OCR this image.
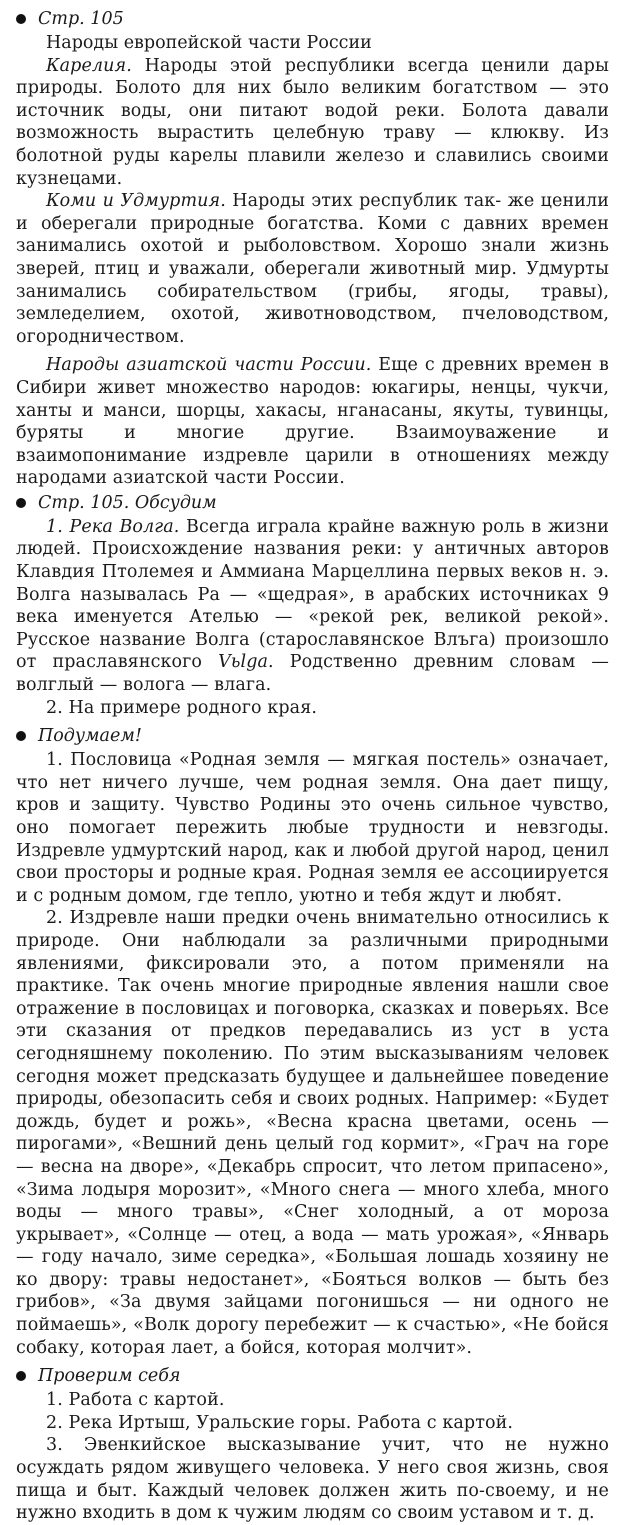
Стр. 105

Народы европейской части России

Карелия. Народы этой республики всегда ценили дары природы. Болото для них было великим богатством — это источник воды, они питают водой реки. Болота давали возможность вырастить целебную траву — клюкву. Из болотной руды карелы плавили железо и славились своими кузнецами.

Коми и Удмуртия. Народы этих республик так- же ценили и оберегали природные богатства. Коми с давних времен занимались охотой и рыболовством. Хорошо знали жизнь зверей, птиц и уважали, оберегали животный мир. Удмурты занимались собирательством (грибы, ягоды, травы), земледелием, охотой, животноводством, пчеловодством, огородничеством.

Народы азиатской части России. Еще с древних времен в Сибири живет множество народов: юкагиры, ненцы, чукчи, ханты и манси, шорцы, хакасы, нганасаны, якуты, тувинцы, буряты и многие другие. Взаимоуважение и взаимопонимание издревле царили в отношениях между народами азиатской части России.

Стр. 105. Обсудим

1. Река Волга. Всегда играла крайне важную роль в жизни людей. Происхождение названия реки: у античных авторов Клавдия Птолемея и Аммиана Марцеллина первых веков н. э. Волга называлась Ра — «щедрая», в арабских источниках 9 века именуется Ателью — «рекой рек, великой рекой». Русское название Волга (старославянское Влъга) произошло от праславянского Vьlga. Родственно древним словам — волглый — волога — влага.

2. На примере родного края.

Подумаем!

1. Пословица «Родная земля — мягкая постель» означает, что нет ничего лучше, чем родная земля. Она дает пищу, кров и защиту. Чувство Родины это очень сильное чувство, оно помогает пережить любые трудности и невзгоды. Издревле удмуртский народ, как и любой другой народ, ценил свои просторы и родные края. Родная земля ее ассоциируется и с родным домом, где тепло, уютно и тебя ждут и любят.

2. Издревле наши предки очень внимательно относились к природе. Они наблюдали за различными природными явлениями, фиксировали это, а потом применяли на практике. Так очень многие природные явления нашли свое отражение в пословицах и поговорка, сказках и поверьях. Все эти сказания от предков передавались из уст в уста сегодняшнему поколению. По этим высказываниям человек сегодня может предсказать будущее и дальнейшее поведение природы, обезопасить себя и своих родных. Например: «Будет дождь, будет и рожь», «Весна красна цветами, осень — пирогами», «Вешний день целый год кормит», «Грач на горе — весна на дворе», «Декабрь спросит, что летом припасено», «Зима лодыря морозит», «Много снега — много хлеба, много воды — много травы», «Снег холодный, а от мороза укрывает», «Солнце — отец, а вода — мать урожая», «Январь — году начало, зиме середка», «Большая лошадь хозяину не ко двору: травы недостанет», «Бояться волков — быть без грибов», «За двумя зайцами погонишься — ни одного не поймаешь», «Волк дорогу перебежит — к счастью», «Не бойся собаку, которая лает, а бойся, которая молчит».

Проверим себя

1. Работа с картой.

2. Река Иртыш, Уральские горы. Работа с картой.

3. Эвенкийское высказывание учит, что не нужно осуждать рядом живущего человека. У него своя жизнь, своя пища и быт. Каждый человек должен жить по-своему, и не нужно входить в дом к чужим людям со своим уставом и т. д.
